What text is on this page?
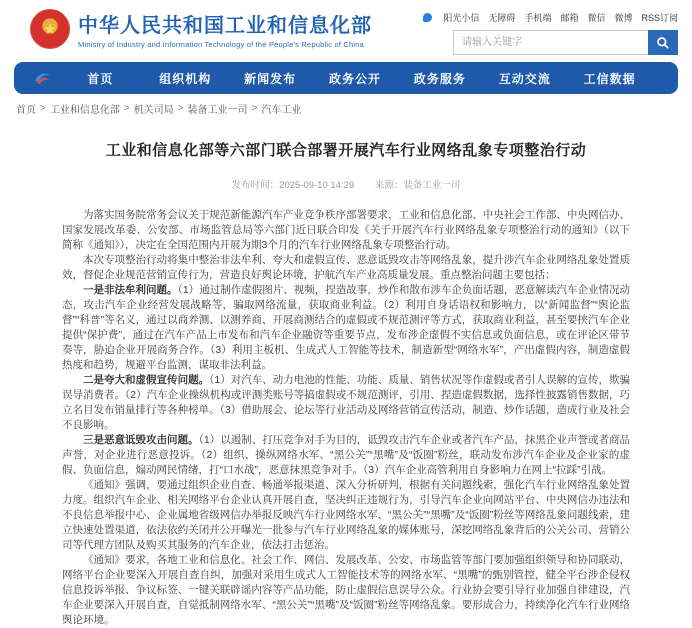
★	中华人民共和国工业和信息化部
Ministry of Industry and Information Technology of the People's Republic of China
阳光小信 无障碍 手机端 邮箱 微信 微博 RSS订阅
请输入关键字
首页	组织机构	新闻发布	政务公开	政务服务	互动交流	工信数据
首页 > 工业和信息化部 > 机关司局 > 装备工业一司 > 汽车工业
工业和信息化部等六部门联合部署开展汽车行业网络乱象专项整治行动
发布时间：2025-09-10 14:29 来源：装备工业一司

为落实国务院常务会议关于规范新能源汽车产业竞争秩序部署要求，工业和信息化部、中央社会工作部、中央网信办、国家发展改革委、公安部、市场监管总局等六部门近日联合印发《关于开展汽车行业网络乱象专项整治行动的通知》（以下简称《通知》），决定在全国范围内开展为期3个月的汽车行业网络乱象专项整治行动。

本次专项整治行动将集中整治非法牟利、夸大和虚假宣传、恶意诋毁攻击等网络乱象，提升涉汽车企业网络乱象处置质效，督促企业规范营销宣传行为，营造良好舆论环境，护航汽车产业高质量发展。重点整治问题主要包括：

一是非法牟利问题。（1）通过制作虚假图片、视频，捏造故事，炒作和散布涉车企负面话题，恶意解读汽车企业情况动态，攻击汽车企业经营发展战略等，骗取网络流量，获取商业利益。（2）利用自身话语权和影响力，以“新闻监督”“舆论监督”“科普”等名义，通过以商养测、以测养商、开展商测结合的虚假或不规范测评等方式，获取商业利益，甚至要挟汽车企业提供“保护费”，通过在汽车产品上市发布和汽车企业融资等重要节点，发布涉企虚假不实信息或负面信息，或在评论区带节奏等，胁迫企业开展商务合作。（3）利用主板机、生成式人工智能等技术，制造新型“网络水军”，产出虚假内容，制造虚假热度和趋势，规避平台监测，谋取非法利益。

二是夸大和虚假宣传问题。（1）对汽车、动力电池的性能、功能、质量、销售状况等作虚假或者引人误解的宣传，欺骗误导消费者。（2）汽车企业操纵机构或评测类账号等搞虚假或不规范测评，引用、捏造虚假数据，选择性披露销售数据，巧立名目发布销量排行等各种榜单。（3）借助展会、论坛等行业活动及网络营销宣传活动，制造、炒作话题，造成行业及社会不良影响。

三是恶意诋毁攻击问题。（1）以遏制、打压竞争对手为目的，诋毁攻击汽车企业或者汽车产品，抹黑企业声誉或者商品声誉，对企业进行恶意投诉。（2）组织、操纵网络水军、“黑公关”“黑嘴”及“饭圈”粉丝，联动发布涉汽车企业及企业家的虚假、负面信息，煽动网民情绪，打“口水战”，恶意抹黑竞争对手。（3）汽车企业高管利用自身影响力在网上“拉踩”引战。

《通知》强调，要通过组织企业自查、畅通举报渠道、深入分析研判，根据有关问题线索，强化汽车行业网络乱象处置力度。组织汽车企业、相关网络平台企业认真开展自查，坚决纠正违规行为，引导汽车企业向网站平台、中央网信办违法和不良信息举报中心、企业属地省级网信办举报反映汽车行业网络水军、“黑公关”“黑嘴”及“饭圈”粉丝等网络乱象问题线索，建立快速处置渠道，依法依约关闭并公开曝光一批参与汽车行业网络乱象的媒体账号，深挖网络乱象背后的公关公司、营销公司等代理方团队及购买其服务的汽车企业，依法打击惩治。

《通知》要求，各地工业和信息化、社会工作、网信、发展改革、公安、市场监管等部门要加强组织领导和协同联动，网络平台企业要深入开展自查自纠，加强对采用生成式人工智能技术等的网络水军、“黑嘴”的甄别管控，健全平台涉企侵权信息投诉举报、争议标签、一键关联辟谣内容等产品功能，防止虚假信息误导公众。行业协会要引导行业加强自律建设，汽车企业要深入开展自查，自觉抵制网络水军、“黑公关”“黑嘴”及“饭圈”粉丝等网络乱象。要形成合力，持续净化汽车行业网络舆论环境。
